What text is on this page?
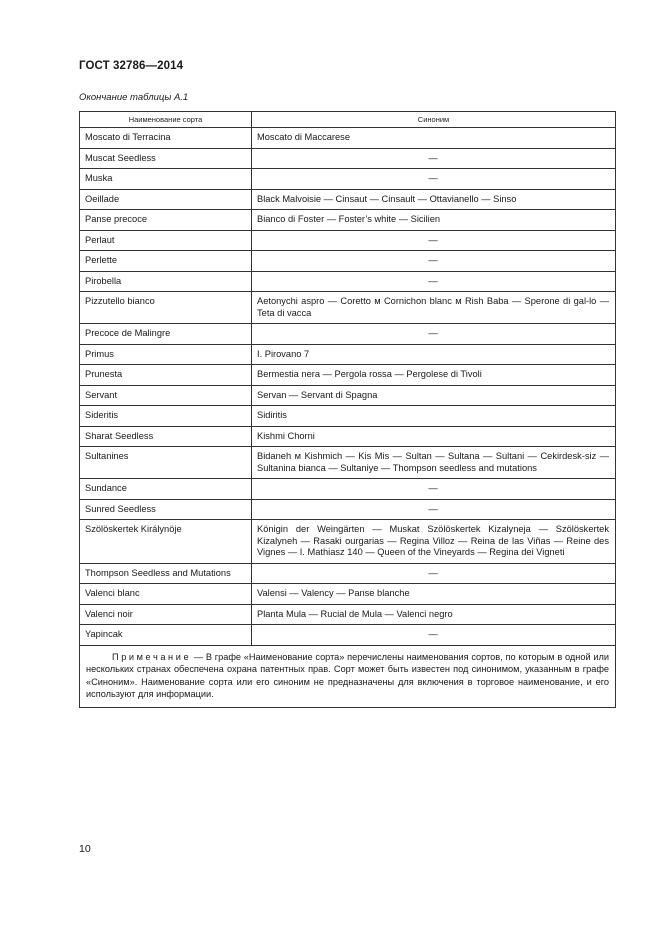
ГОСТ 32786—2014
Окончание таблицы А.1
Наименование сорта	Синоним
Moscato di Terracina	Moscato di Maccarese
Muscat Seedless	—
Muska	—
Oeillade	Black Malvoisie — Cinsaut — Cinsault — Ottavianello — Sinso
Panse precoce	Bianco di Foster — Foster’s white — Sicilien
Perlaut	—
Perlette	—
Pirobella	—
Pizzutello bianco	Aetonychi aspro — Coretto м Cornichon blanc м Rish Baba — Sperone di gal-lo — Teta di vacca
Precoce de Malingre	—
Primus	I. Pirovano 7
Prunesta	Bermestia nera — Pergola rossa — Pergolese di Tivoli
Servant	Servan — Servant di Spagna
Sideritis	Sidiritis
Sharat Seedless	Kishmi Chorni
Sultanines	Bidaneh м Kishmich — Kis Mis — Sultan — Sultana — Sultani — Cekirdesk-siz — Sultanina bianca — Sultaniye — Thompson seedless and mutations
Sundance	—
Sunred Seedless	—
Szölöskertek Királynöje	Königin der Weingärten — Muskat Szölöskertek Kizalyneja — Szölöskertek Kizalyneh — Rasaki ourgarias — Regina Villoz — Reina de las Viñas — Reine des Vignes — I. Mathiasz 140 — Queen of the Vineyards — Regina dei Vigneti
Thompson Seedless and Mutations	—
Valenci blanc	Valensi — Valency — Panse blanche
Valenci noir	Planta Mula — Rucial de Mula — Valenci negro
Yapincak	—
Примечание — В графе «Наименование сорта» перечислены наименования сортов, по которым в одной или нескольких странах обеспечена охрана патентных прав. Сорт может быть известен под синонимом, указанным в графе «Синоним». Наименование сорта или его синоним не предназначены для включения в торговое наименование, и его используют для информации.	
10
